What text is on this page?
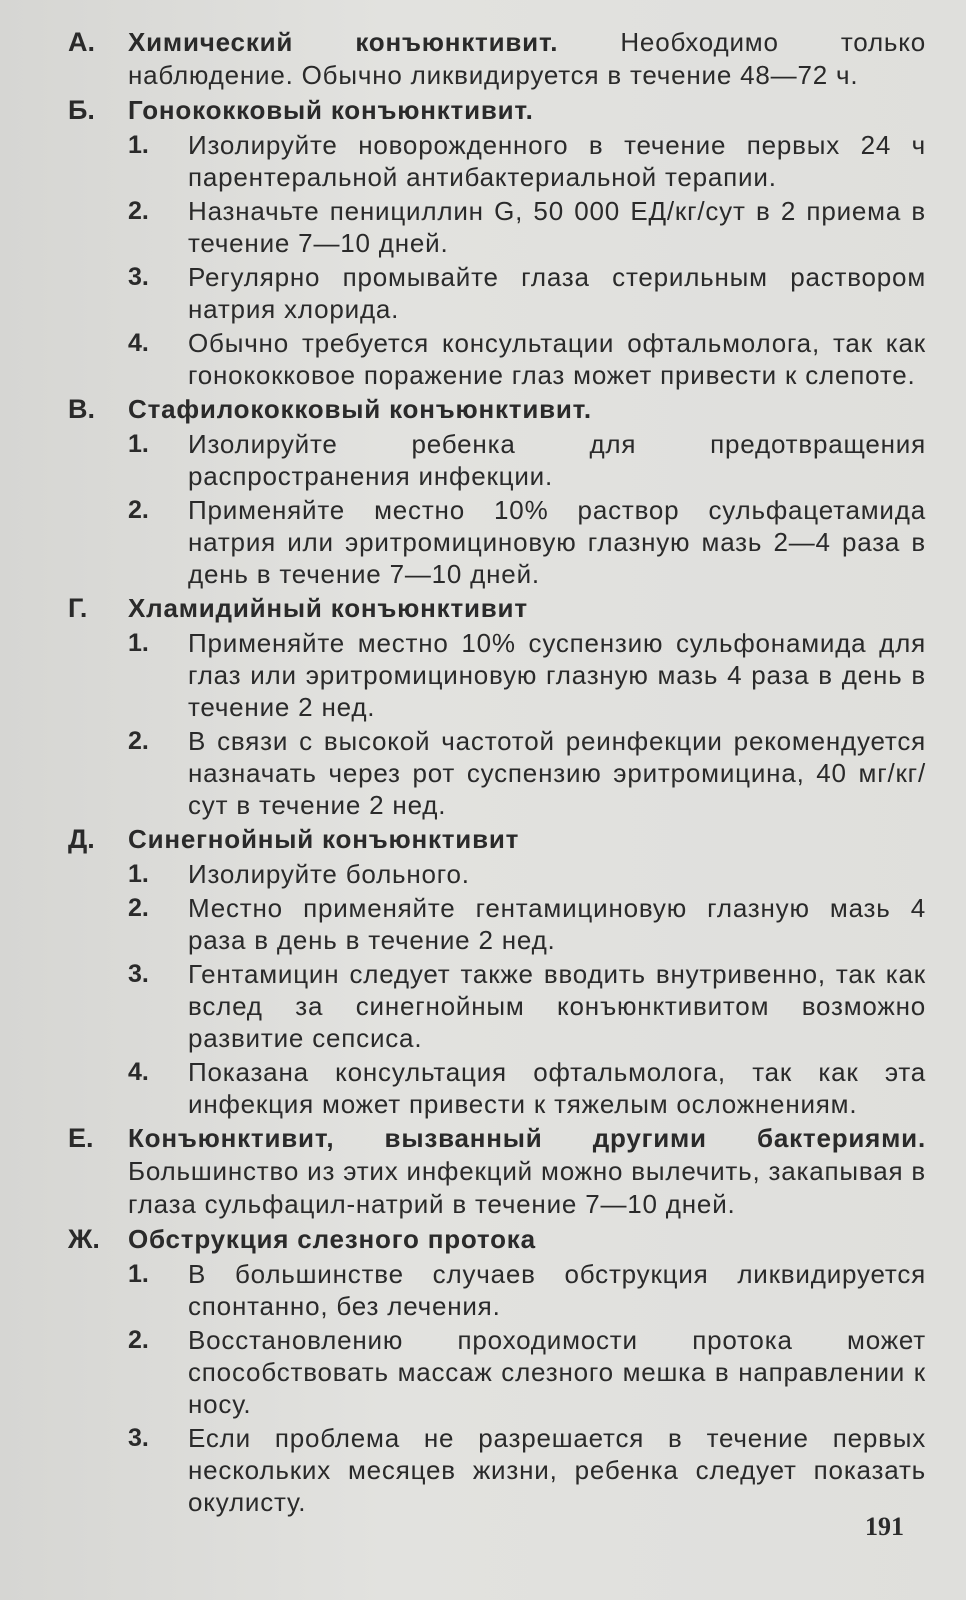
А.	Химический конъюнктивит. Необходимо только наблюдение. Обычно ликвидируется в течение 48—72 ч.
Б.	Гонококковый конъюнктивит.
1.	Изолируйте новорожденного в течение первых 24 ч парентеральной антибактериальной терапии.
2.	Назначьте пенициллин G, 50 000 ЕД/кг/сут в 2 приема в течение 7—10 дней.
3.	Регулярно промывайте глаза стерильным раствором натрия хлорида.
4.	Обычно требуется консультации офтальмолога, так как гонококковое поражение глаз может привести к слепоте.
В.	Стафилококковый конъюнктивит.
1.	Изолируйте ребенка для предотвращения распространения инфекции.
2.	Применяйте местно 10% раствор сульфацетамида натрия или эритромициновую глазную мазь 2—4 раза в день в течение 7—10 дней.
Г.	Хламидийный конъюнктивит
1.	Применяйте местно 10% суспензию сульфонамида для глаз или эритромициновую глазную мазь 4 раза в день в течение 2 нед.
2.	В связи с высокой частотой реинфекции рекомендуется назначать через рот суспензию эритромицина, 40 мг/кг/сут в течение 2 нед.
Д.	Синегнойный конъюнктивит
1.	Изолируйте больного.
2.	Местно применяйте гентамициновую глазную мазь 4 раза в день в течение 2 нед.
3.	Гентамицин следует также вводить внутривенно, так как вслед за синегнойным конъюнктивитом возможно развитие сепсиса.
4.	Показана консультация офтальмолога, так как эта инфекция может привести к тяжелым осложнениям.
Е.	Конъюнктивит, вызванный другими бактериями. Большинство из этих инфекций можно вылечить, закапывая в глаза сульфацил-натрий в течение 7—10 дней.
Ж.	Обструкция слезного протока
1.	В большинстве случаев обструкция ликвидируется спонтанно, без лечения.
2.	Восстановлению проходимости протока может способствовать массаж слезного мешка в направлении к носу.
3.	Если проблема не разрешается в течение первых нескольких месяцев жизни, ребенка следует показать окулисту.
191
